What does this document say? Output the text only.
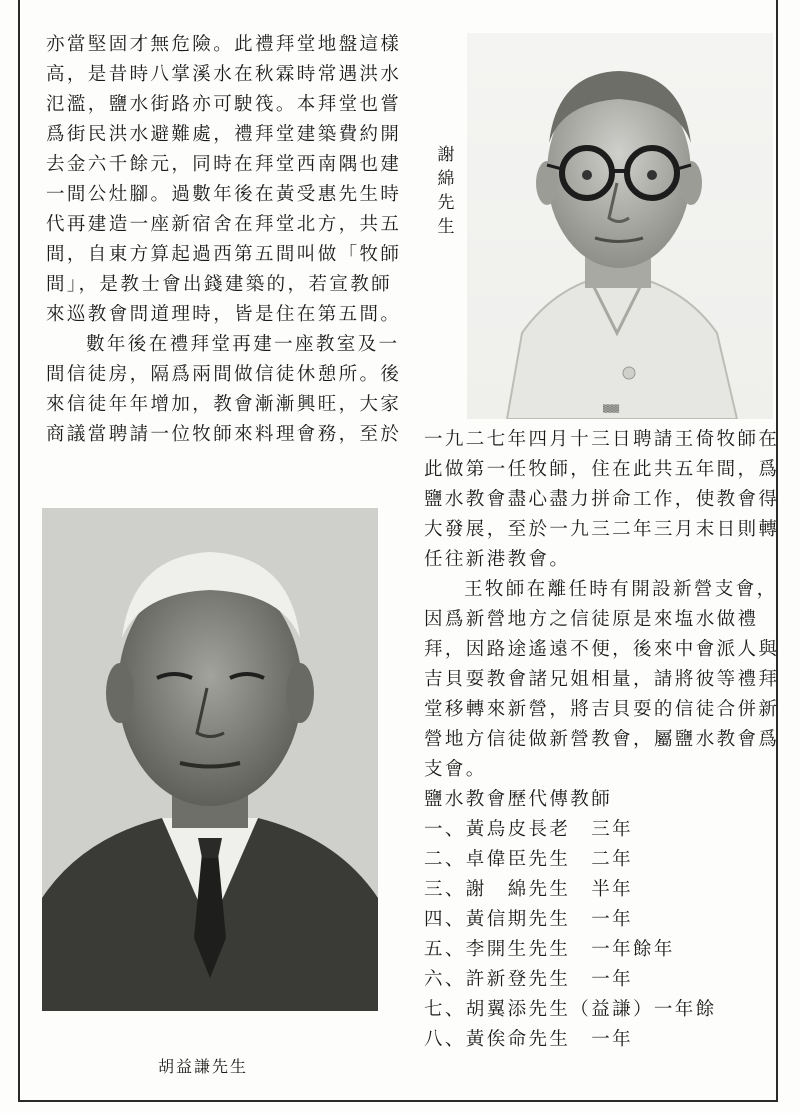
亦當堅固才無危險。此禮拜堂地盤這樣
高，是昔時八掌溪水在秋霖時常遇洪水
氾濫，鹽水街路亦可駛筏。本拜堂也嘗
爲街民洪水避難處，禮拜堂建築費約開
去金六千餘元，同時在拜堂西南隅也建
一間公灶腳。過數年後在黃受惠先生時
代再建造一座新宿舍在拜堂北方，共五
間，自東方算起過西第五間叫做「牧師
間」，是教士會出錢建築的，若宣教師
來巡教會問道理時，皆是住在第五間。
數年後在禮拜堂再建一座教室及一
間信徒房，隔爲兩間做信徒休憩所。後
來信徒年年增加，教會漸漸興旺，大家
商議當聘請一位牧師來料理會務，至於
謝綿先生
▒▒▒
一九二七年四月十三日聘請王倚牧師在
此做第一任牧師，住在此共五年間，爲
鹽水教會盡心盡力拼命工作，使教會得
大發展，至於一九三二年三月末日則轉
任往新港教會。
王牧師在離任時有開設新營支會，
因爲新營地方之信徒原是來塩水做禮
拜，因路途遙遠不便，後來中會派人與
吉貝耍教會諸兄姐相量，請將彼等禮拜
堂移轉來新營，將吉貝耍的信徒合併新
營地方信徒做新營教會，屬鹽水教會爲
支會。
鹽水教會歷代傳教師
一、黃烏皮長老　三年
二、卓偉臣先生　二年
三、謝　綿先生　半年
四、黃信期先生　一年
五、李開生先生　一年餘年
六、許新登先生　一年
七、胡翼添先生（益謙）一年餘
八、黃俟命先生　一年
胡益謙先生
